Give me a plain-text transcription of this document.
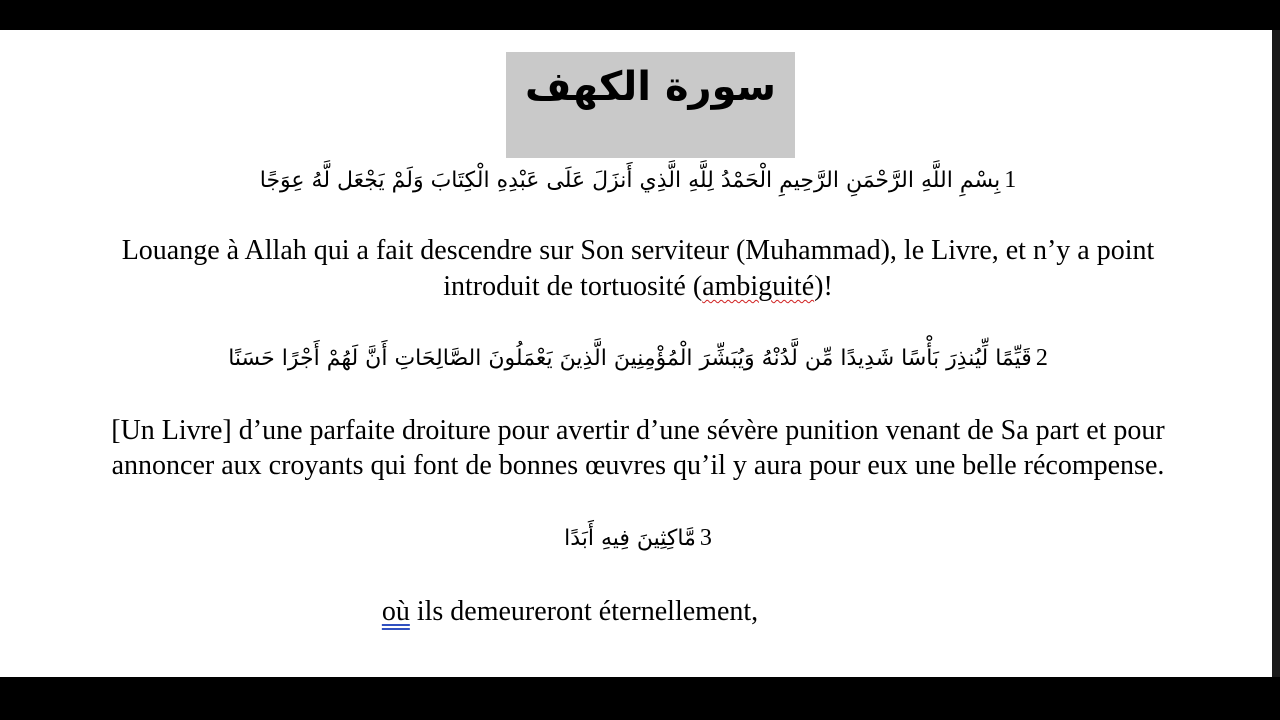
سورة الكهف
بِسْمِ اللَّهِ الرَّحْمَنِ الرَّحِيمِ الْحَمْدُ لِلَّهِ الَّذِي أَنزَلَ عَلَى عَبْدِهِ الْكِتَابَ وَلَمْ يَجْعَل لَّهُ عِوَجًا 1
Louange à Allah qui a fait descendre sur Son serviteur (Muhammad), le Livre, et n’y a point
introduit de tortuosité (ambiguité)!
قَيِّمًا لِّيُنذِرَ بَأْسًا شَدِيدًا مِّن لَّدُنْهُ وَيُبَشِّرَ الْمُؤْمِنِينَ الَّذِينَ يَعْمَلُونَ الصَّالِحَاتِ أَنَّ لَهُمْ أَجْرًا حَسَنًا 2
[Un Livre] d’une parfaite droiture pour avertir d’une sévère punition venant de Sa part et pour
annoncer aux croyants qui font de bonnes œuvres qu’il y aura pour eux une belle récompense.
مَّاكِثِينَ فِيهِ أَبَدًا 3
où ils demeureront éternellement,
